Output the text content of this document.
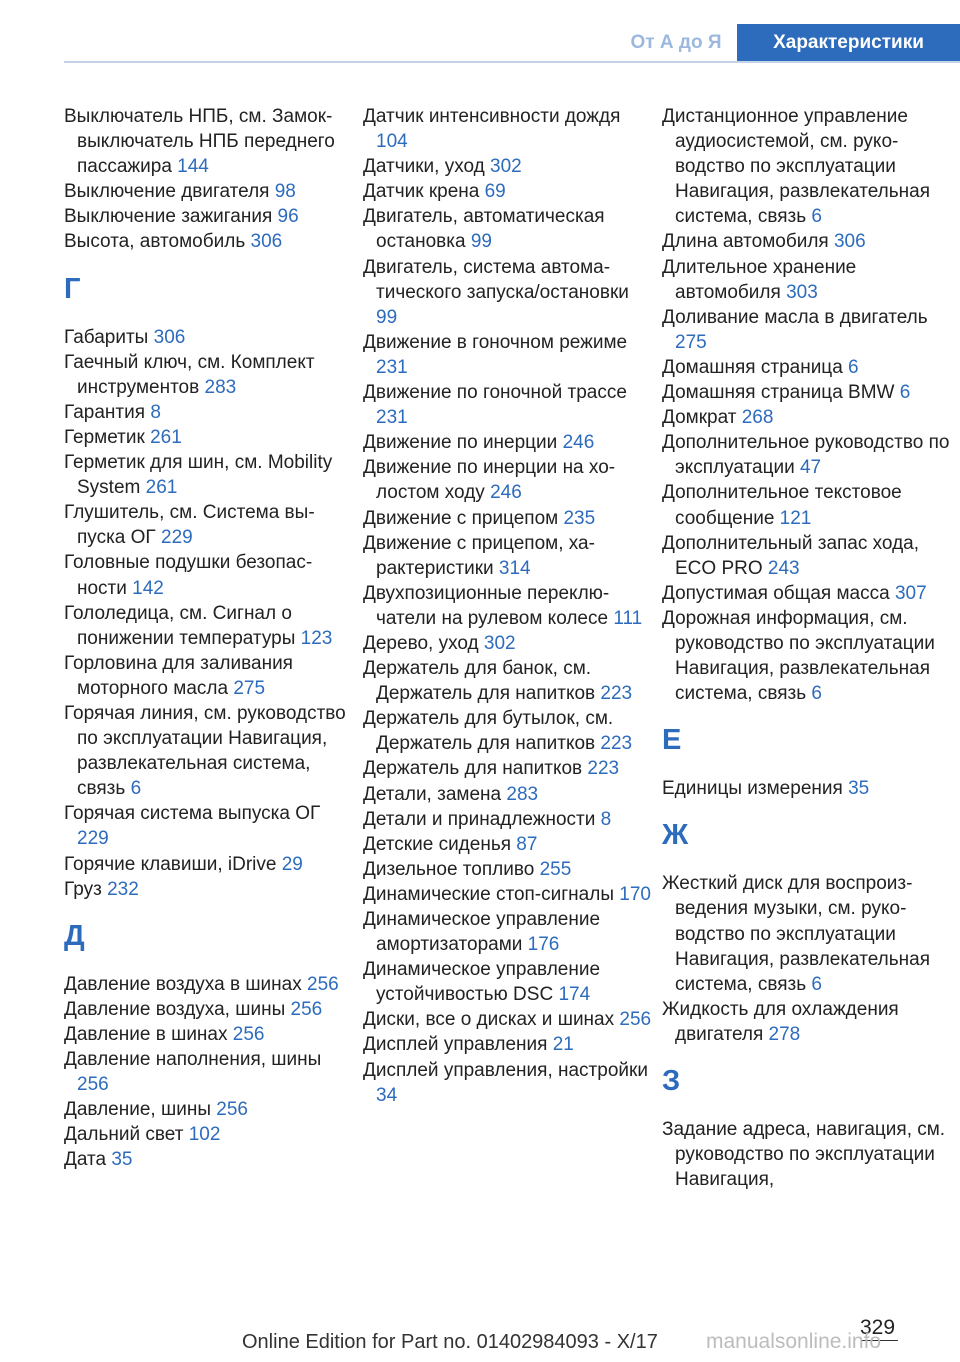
От А до Я	Характеристики
Выключатель НПБ, см. Замок-выключатель НПБ переднего пассажира 144
Выключение двигателя 98
Выключение зажигания 96
Высота, автомобиль 306
Г
Габариты 306
Гаечный ключ, см. Комплект инструментов 283
Гарантия 8
Герметик 261
Герметик для шин, см. Mobility System 261
Глушитель, см. Система выпуска ОГ 229
Головные подушки безопасности 142
Гололедица, см. Сигнал о понижении температуры 123
Горловина для заливания моторного масла 275
Горячая линия, см. руководство по эксплуатации Навигация, развлекательная система, связь 6
Горячая система выпуска ОГ 229
Горячие клавиши, iDrive 29
Груз 232
Д
Давление воздуха в шинах 256
Давление воздуха, шины 256
Давление в шинах 256
Давление наполнения, шины 256
Давление, шины 256
Дальний свет 102
Дата 35
Датчик интенсивности дождя 104
Датчики, уход 302
Датчик крена 69
Двигатель, автоматическая остановка 99
Двигатель, система автоматического запуска/остановки 99
Движение в гоночном режиме 231
Движение по гоночной трассе 231
Движение по инерции 246
Движение по инерции на холостом ходу 246
Движение с прицепом 235
Движение с прицепом, характеристики 314
Двухпозиционные переключатели на рулевом колесе 111
Дерево, уход 302
Держатель для банок, см. Держатель для напитков 223
Держатель для бутылок, см. Держатель для напитков 223
Держатель для напитков 223
Детали, замена 283
Детали и принадлежности 8
Детские сиденья 87
Дизельное топливо 255
Динамические стоп-сигналы 170
Динамическое управление амортизаторами 176
Динамическое управление устойчивостью DSC 174
Диски, все о дисках и шинах 256
Дисплей управления 21
Дисплей управления, настройки 34
Дистанционное управление аудиосистемой, см. руководство по эксплуатации Навигация, развлекательная система, связь 6
Длина автомобиля 306
Длительное хранение автомобиля 303
Доливание масла в двигатель 275
Домашняя страница 6
Домашняя страница BMW 6
Домкрат 268
Дополнительное руководство по эксплуатации 47
Дополнительное текстовое сообщение 121
Дополнительный запас хода, ECO PRO 243
Допустимая общая масса 307
Дорожная информация, см. руководство по эксплуатации Навигация, развлекательная система, связь 6
Е
Единицы измерения 35
Ж
Жесткий диск для воспроизведения музыки, см. руководство по эксплуатации Навигация, развлекательная система, связь 6
Жидкость для охлаждения двигателя 278
З
Задание адреса, навигация, см. руководство по эксплуатации Навигация,
329
Online Edition for Part no. 01402984093 - X/17 manualsonline.info
